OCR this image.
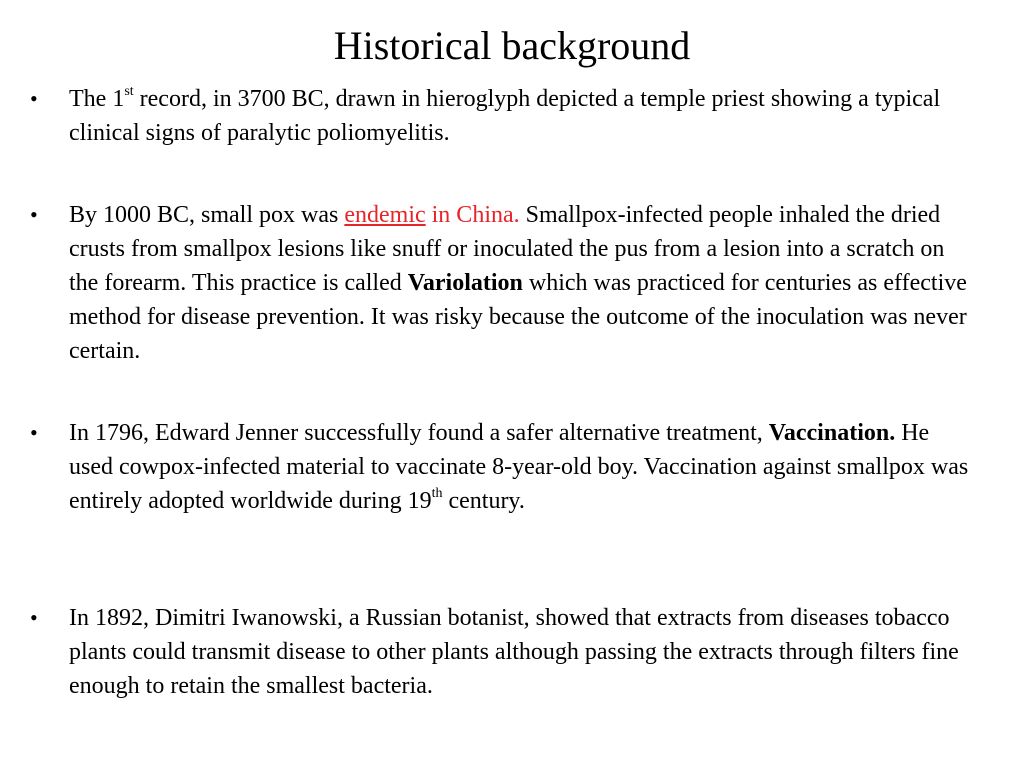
Historical background
• The 1st record, in 3700 BC, drawn in hieroglyph depicted a temple priest showing a typical clinical signs of paralytic poliomyelitis.

• By 1000 BC, small pox was endemic in China. Smallpox-infected people inhaled the dried crusts from smallpox lesions like snuff or inoculated the pus from a lesion into a scratch on the forearm. This practice is called Variolation which was practiced for centuries as effective method for disease prevention. It was risky because the outcome of the inoculation was never certain.

• In 1796, Edward Jenner successfully found a safer alternative treatment, Vaccination. He used cowpox-infected material to vaccinate 8-year-old boy. Vaccination against smallpox was entirely adopted worldwide during 19th century.

• In 1892, Dimitri Iwanowski, a Russian botanist, showed that extracts from diseases tobacco plants could transmit disease to other plants although passing the extracts through filters fine enough to retain the smallest bacteria.
